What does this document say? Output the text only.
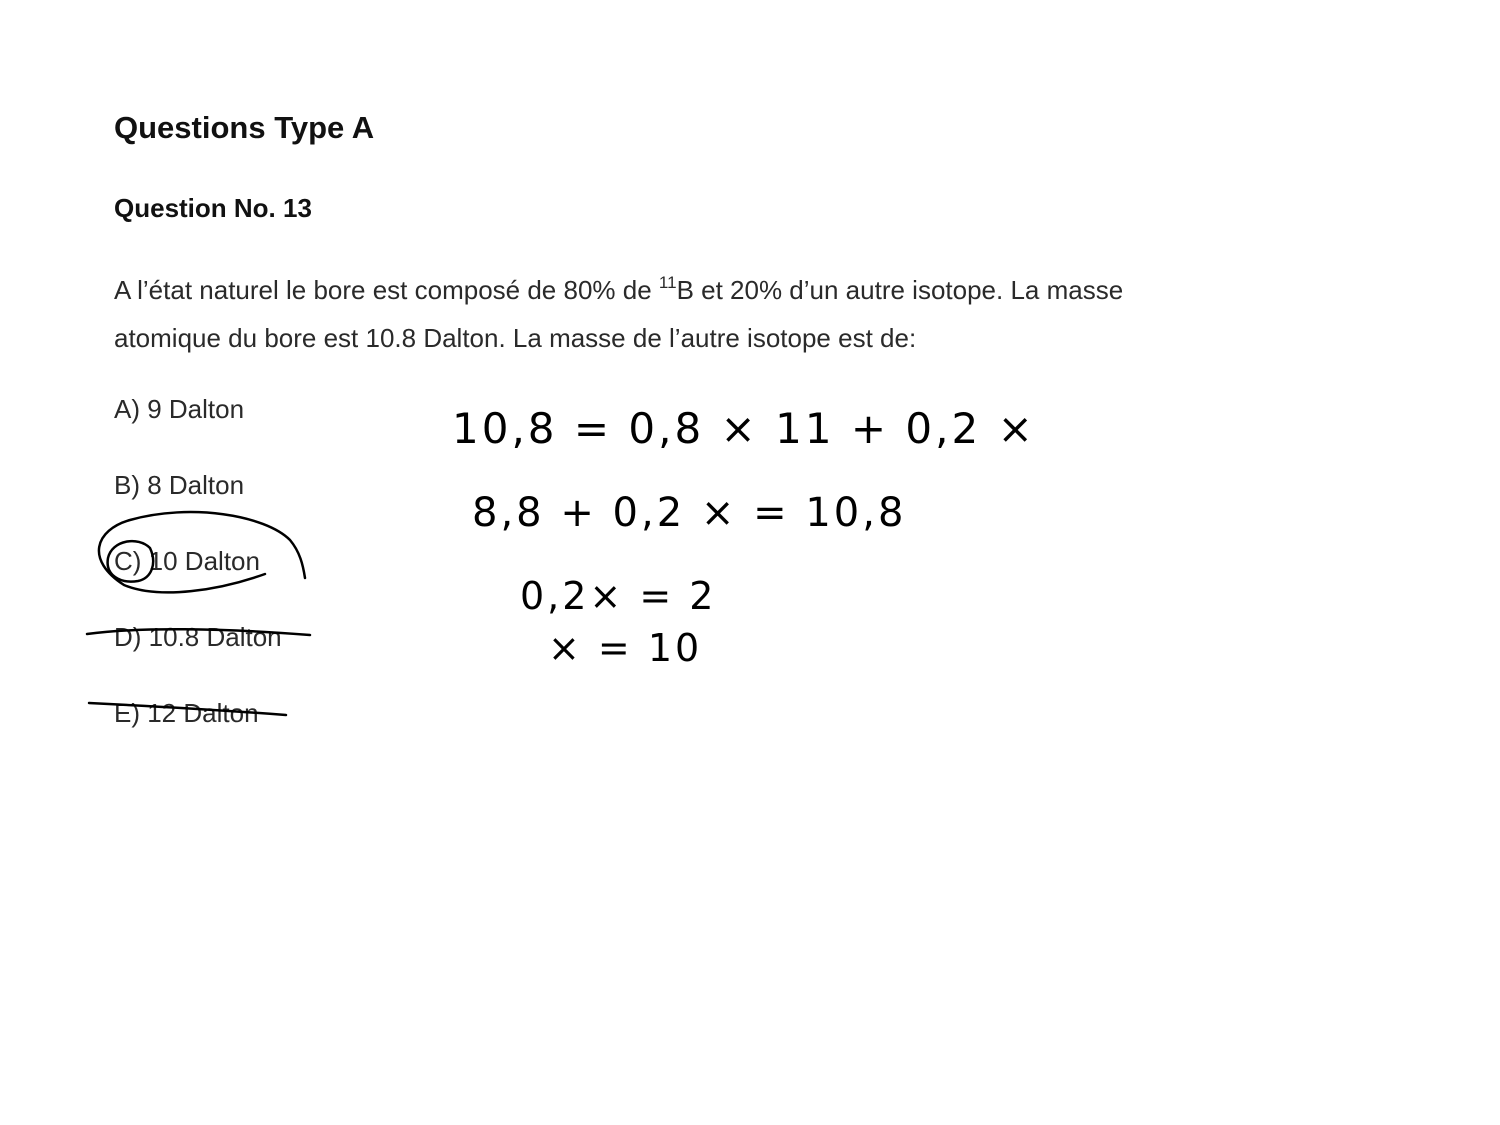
Questions Type A
Question No. 13
A l’état naturel le bore est composé de 80% de $^{11}$B et 20% d’un autre isotope. La masse
atomique du bore est 10.8 Dalton. La masse de l’autre isotope est de:
A) 9 Dalton
B) 8 Dalton
C) 10 Dalton
D) 10.8 Dalton
E) 12 Dalton
10,8 = 0,8 × 11 + 0,2 ×
8,8 + 0,2 × = 10,8
0,2× = 2
× = 10
